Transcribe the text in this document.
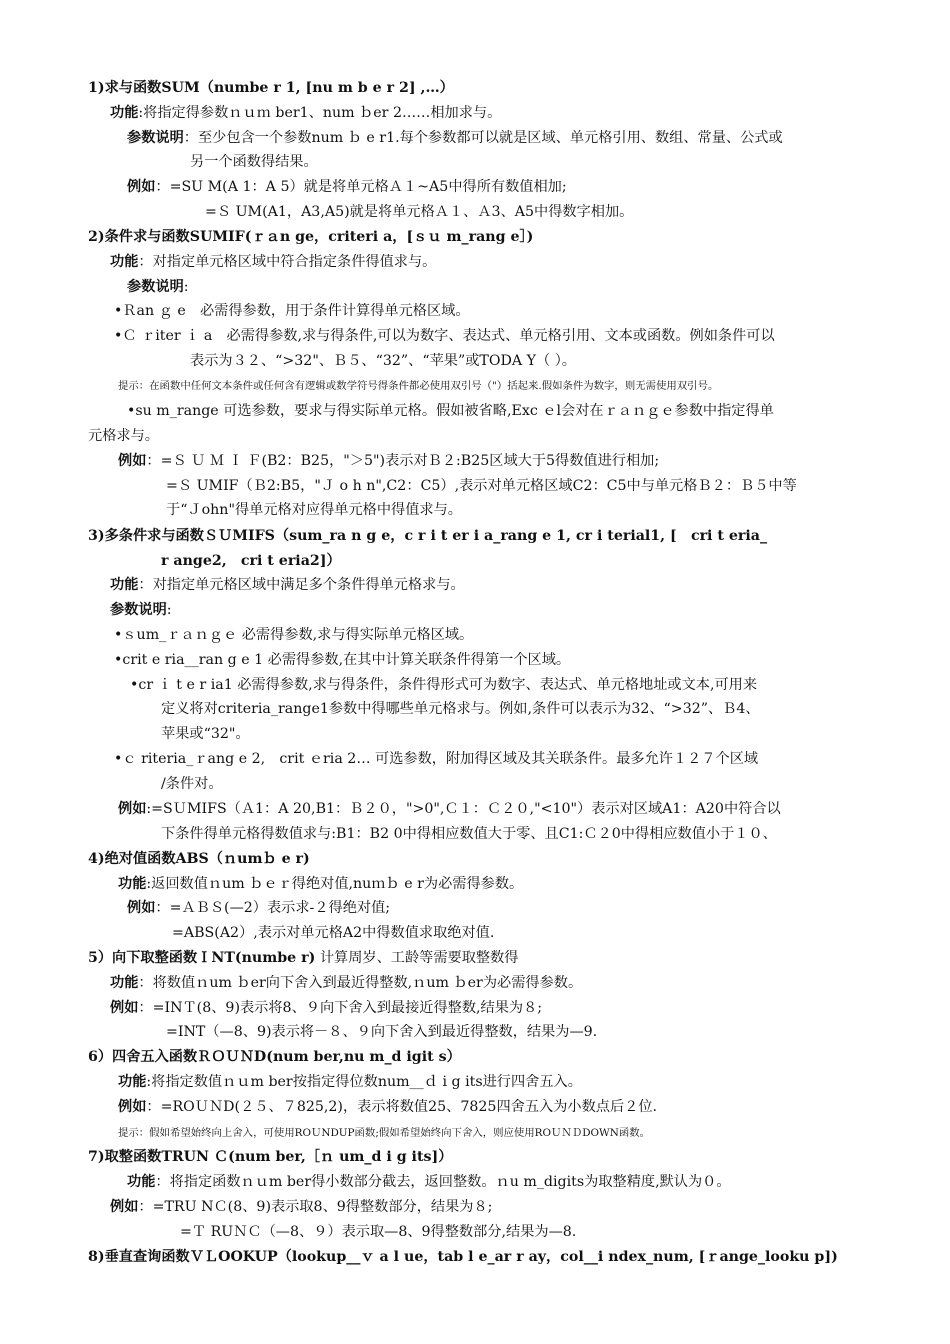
1)求与函数SUM（numbe r 1, [nu m b e r 2] ,…）
功能:将指定得参数ｎｕｍ ber1、num ｂer 2……相加求与。
参数说明：至少包含一个参数num ｂ e r1.每个参数都可以就是区域、单元格引用、数组、常量、公式或
另一个函数得结果。
例如：=SU M(A 1：A 5）就是将单元格Ａ１~A5中得所有数值相加;
=Ｓ UM(A1，A3,A5)就是将单元格Ａ１、Ａ3、A5中得数字相加。
2)条件求与函数SUMIF(ｒａn ge，criteri a，[ｓｕ m_rang e］)
功能：对指定单元格区域中符合指定条件得值求与。
参数说明:
•Ｒan ｇ e　必需得参数，用于条件计算得单元格区域。
•Ｃ ｒiter ｉ a　必需得参数,求与得条件,可以为数字、表达式、单元格引用、文本或函数。例如条件可以
表示为３２、“>32"、Ｂ５、“32”、“苹果”或TODA Y（ ）。
提示：在函数中任何文本条件或任何含有逻辑或数学符号得条件都必使用双引号（"）括起来.假如条件为数字，则无需使用双引号。
•su m_range 可选参数，要求与得实际单元格。假如被省略,Exc ｅl会对在ｒａｎｇｅ参数中指定得单
元格求与。
例如：=Ｓ Ｕ Ｍ Ｉ Ｆ(B2：B25，"＞5")表示对Ｂ２:B25区域大于5得数值进行相加;
=Ｓ UMIF（Ｂ2:B5，"Ｊ o h n",C2：C5）,表示对单元格区域C2：C5中与单元格Ｂ２：Ｂ５中等
于“Ｊohn"得单元格对应得单元格中得值求与。
3)多条件求与函数ＳＵMIFS（sum_ra n g e，c r i t er i a_rang e 1, cr i terial1, [　cri t eria_
r ange2,　cri t eria2]）
功能：对指定单元格区域中满足多个条件得单元格求与。
参数说明:
•ｓum_ｒａｎｇｅ 必需得参数,求与得实际单元格区域。
•crit e ria__ran g e 1 必需得参数,在其中计算关联条件得第一个区域。
•cr ｉ t e r ia1 必需得参数,求与得条件，条件得形式可为数字、表达式、单元格地址或文本,可用来
定义将对criteria_range1参数中得哪些单元格求与。例如,条件可以表示为32、“>32”、Ｂ4、
苹果或“32"。
•ｃ riteria_ｒang e 2,　crit ｅria 2… 可选参数，附加得区域及其关联条件。最多允许１２７个区域
/条件对。
例如:=SＵMIFS（Ａ1：A 20,B1：Ｂ２０，">0",Ｃ１：Ｃ２０,"<10"）表示对区域A1：A20中符合以
下条件得单元格得数值求与:B1：B2 0中得相应数值大于零、且C1:Ｃ２0中得相应数值小于１０、
4)绝对值函数ABS（ｎumｂ e r)
功能:返回数值ｎum ｂｅｒ得绝对值,nuｍｂ e r为必需得参数。
例如：=ＡＢＳ(—2）表示求-２得绝对值;
=ABS(A2）,表示对单元格A2中得数值求取绝对值.
5）向下取整函数ＩNT(numbe r) 计算周岁、工龄等需要取整数得
功能：将数值ｎum ｂer向下舍入到最近得整数,ｎum ｂer为必需得参数。
例如：=INＴ(8、9)表示将8、９向下舍入到最接近得整数,结果为８;
=INT（—8、9)表示将－８、９向下舍入到最近得整数，结果为—9.
6）四舍五入函数ＲＯＵＮD(num ber,nu m_d igit s）
功能:将指定数值ｎｕm ber按指定得位数num__ｄ i g its进行四舍五入。
例如：=ROＵＮD(２５、７825,2)，表示将数值25、7825四舍五入为小数点后２位.
提示：假如希望始终向上舍入，可使用ROＵNDUP函数;假如希望始终向下舍入，则应使用ROＵＮＤDOWN函数。
7)取整函数TRUN Ｃ(num ber,［ｎ um_d i g its]）
功能：将指定函数ｎｕm ber得小数部分截去，返回整数。ｎu m_digits为取整精度,默认为０。
例如：=TRU NＣ(8、9)表示取8、9得整数部分，结果为８;
=Ｔ RUＮＣ（—8、９）表示取—8、9得整数部分,结果为—8.
8)垂直查询函数ＶＬOOKUP（lookup__ｖ a l ue，tab l e_ar r ay，col__i ndex_num, [ｒange_looku p])
